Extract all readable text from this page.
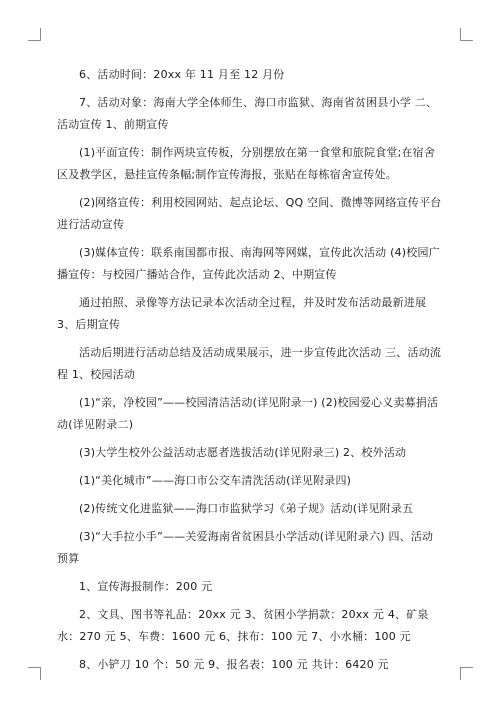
6、活动时间：20xx 年 11 月至 12 月份

7、活动对象：海南大学全体师生、海口市监狱、海南省贫困县小学 二、活动宣传 1、前期宣传

(1)平面宣传：制作两块宣传板，分别摆放在第一食堂和旅院食堂;在宿舍区及教学区，悬挂宣传条幅;制作宣传海报，张贴在每栋宿舍宣传处。

(2)网络宣传：利用校园网站、起点论坛、QQ 空间、微博等网络宣传平台进行活动宣传

(3)媒体宣传：联系南国都市报、南海网等网媒，宣传此次活动 (4)校园广播宣传：与校园广播站合作，宣传此次活动 2、中期宣传

通过拍照、录像等方法记录本次活动全过程，并及时发布活动最新进展 3、后期宣传

活动后期进行活动总结及活动成果展示，进一步宣传此次活动 三、活动流程 1、校园活动

(1)“亲，净校园”——校园清洁活动(详见附录一) (2)校园爱心义卖募捐活动(详见附录二)

(3)大学生校外公益活动志愿者选拔活动(详见附录三) 2、校外活动

(1)“美化城市”——海口市公交车清洗活动(详见附录四)

(2)传统文化进监狱——海口市监狱学习《弟子规》活动(详见附录五

(3)“大手拉小手”——关爱海南省贫困县小学活动(详见附录六) 四、活动预算

1、宣传海报制作：200 元

2、文具、图书等礼品：20xx 元 3、贫困小学捐款：20xx 元 4、矿泉水：270 元 5、车费：1600 元 6、抹布：100 元 7、小水桶：100 元

8、小铲刀 10 个：50 元 9、报名表：100 元 共计：6420 元
